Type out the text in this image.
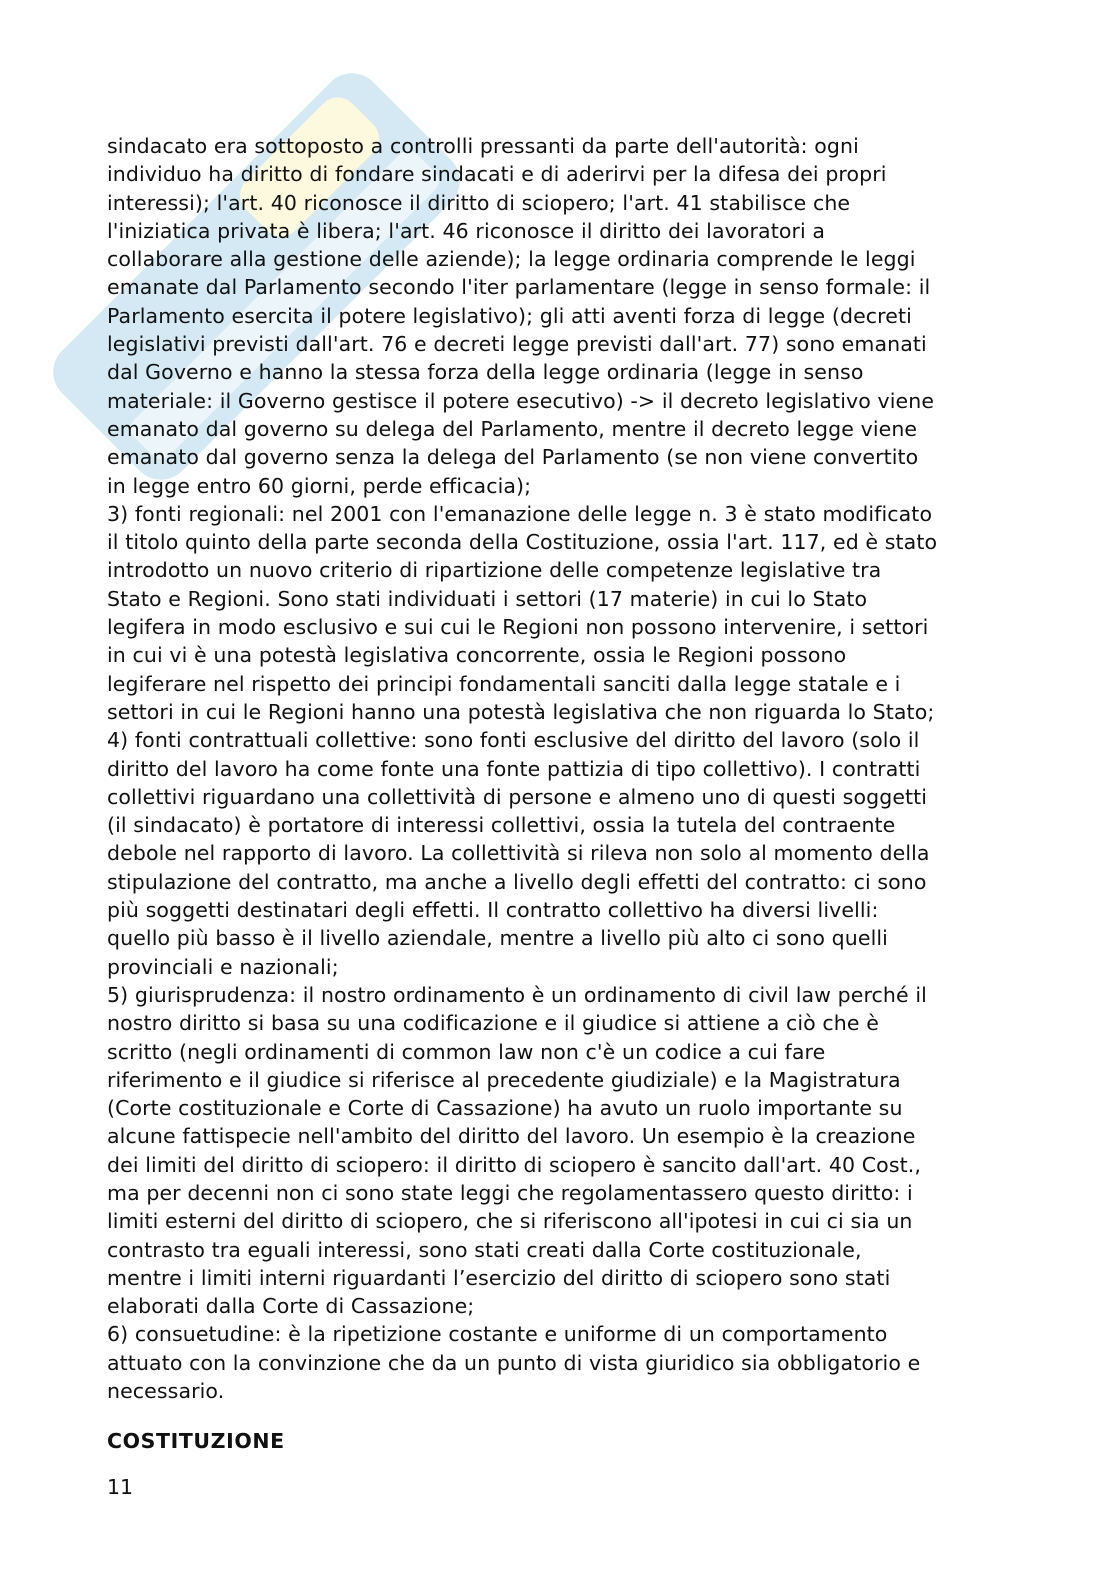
sindacato era sottoposto a controlli pressanti da parte dell'autorità: ogni
individuo ha diritto di fondare sindacati e di aderirvi per la difesa dei propri
interessi); l'art. 40 riconosce il diritto di sciopero; l'art. 41 stabilisce che
l'iniziatica privata è libera; l'art. 46 riconosce il diritto dei lavoratori a
collaborare alla gestione delle aziende); la legge ordinaria comprende le leggi
emanate dal Parlamento secondo l'iter parlamentare (legge in senso formale: il
Parlamento esercita il potere legislativo); gli atti aventi forza di legge (decreti
legislativi previsti dall'art. 76 e decreti legge previsti dall'art. 77) sono emanati
dal Governo e hanno la stessa forza della legge ordinaria (legge in senso
materiale: il Governo gestisce il potere esecutivo) -> il decreto legislativo viene
emanato dal governo su delega del Parlamento, mentre il decreto legge viene
emanato dal governo senza la delega del Parlamento (se non viene convertito
in legge entro 60 giorni, perde efficacia);
3) fonti regionali: nel 2001 con l'emanazione delle legge n. 3 è stato modificato
il titolo quinto della parte seconda della Costituzione, ossia l'art. 117, ed è stato
introdotto un nuovo criterio di ripartizione delle competenze legislative tra
Stato e Regioni. Sono stati individuati i settori (17 materie) in cui lo Stato
legifera in modo esclusivo e sui cui le Regioni non possono intervenire, i settori
in cui vi è una potestà legislativa concorrente, ossia le Regioni possono
legiferare nel rispetto dei principi fondamentali sanciti dalla legge statale e i
settori in cui le Regioni hanno una potestà legislativa che non riguarda lo Stato;
4) fonti contrattuali collettive: sono fonti esclusive del diritto del lavoro (solo il
diritto del lavoro ha come fonte una fonte pattizia di tipo collettivo). I contratti
collettivi riguardano una collettività di persone e almeno uno di questi soggetti
(il sindacato) è portatore di interessi collettivi, ossia la tutela del contraente
debole nel rapporto di lavoro. La collettività si rileva non solo al momento della
stipulazione del contratto, ma anche a livello degli effetti del contratto: ci sono
più soggetti destinatari degli effetti. Il contratto collettivo ha diversi livelli:
quello più basso è il livello aziendale, mentre a livello più alto ci sono quelli
provinciali e nazionali;
5) giurisprudenza: il nostro ordinamento è un ordinamento di civil law perché il
nostro diritto si basa su una codificazione e il giudice si attiene a ciò che è
scritto (negli ordinamenti di common law non c'è un codice a cui fare
riferimento e il giudice si riferisce al precedente giudiziale) e la Magistratura
(Corte costituzionale e Corte di Cassazione) ha avuto un ruolo importante su
alcune fattispecie nell'ambito del diritto del lavoro. Un esempio è la creazione
dei limiti del diritto di sciopero: il diritto di sciopero è sancito dall'art. 40 Cost.,
ma per decenni non ci sono state leggi che regolamentassero questo diritto: i
limiti esterni del diritto di sciopero, che si riferiscono all'ipotesi in cui ci sia un
contrasto tra eguali interessi, sono stati creati dalla Corte costituzionale,
mentre i limiti interni riguardanti l’esercizio del diritto di sciopero sono stati
elaborati dalla Corte di Cassazione;
6) consuetudine: è la ripetizione costante e uniforme di un comportamento
attuato con la convinzione che da un punto di vista giuridico sia obbligatorio e
necessario.
COSTITUZIONE
11
